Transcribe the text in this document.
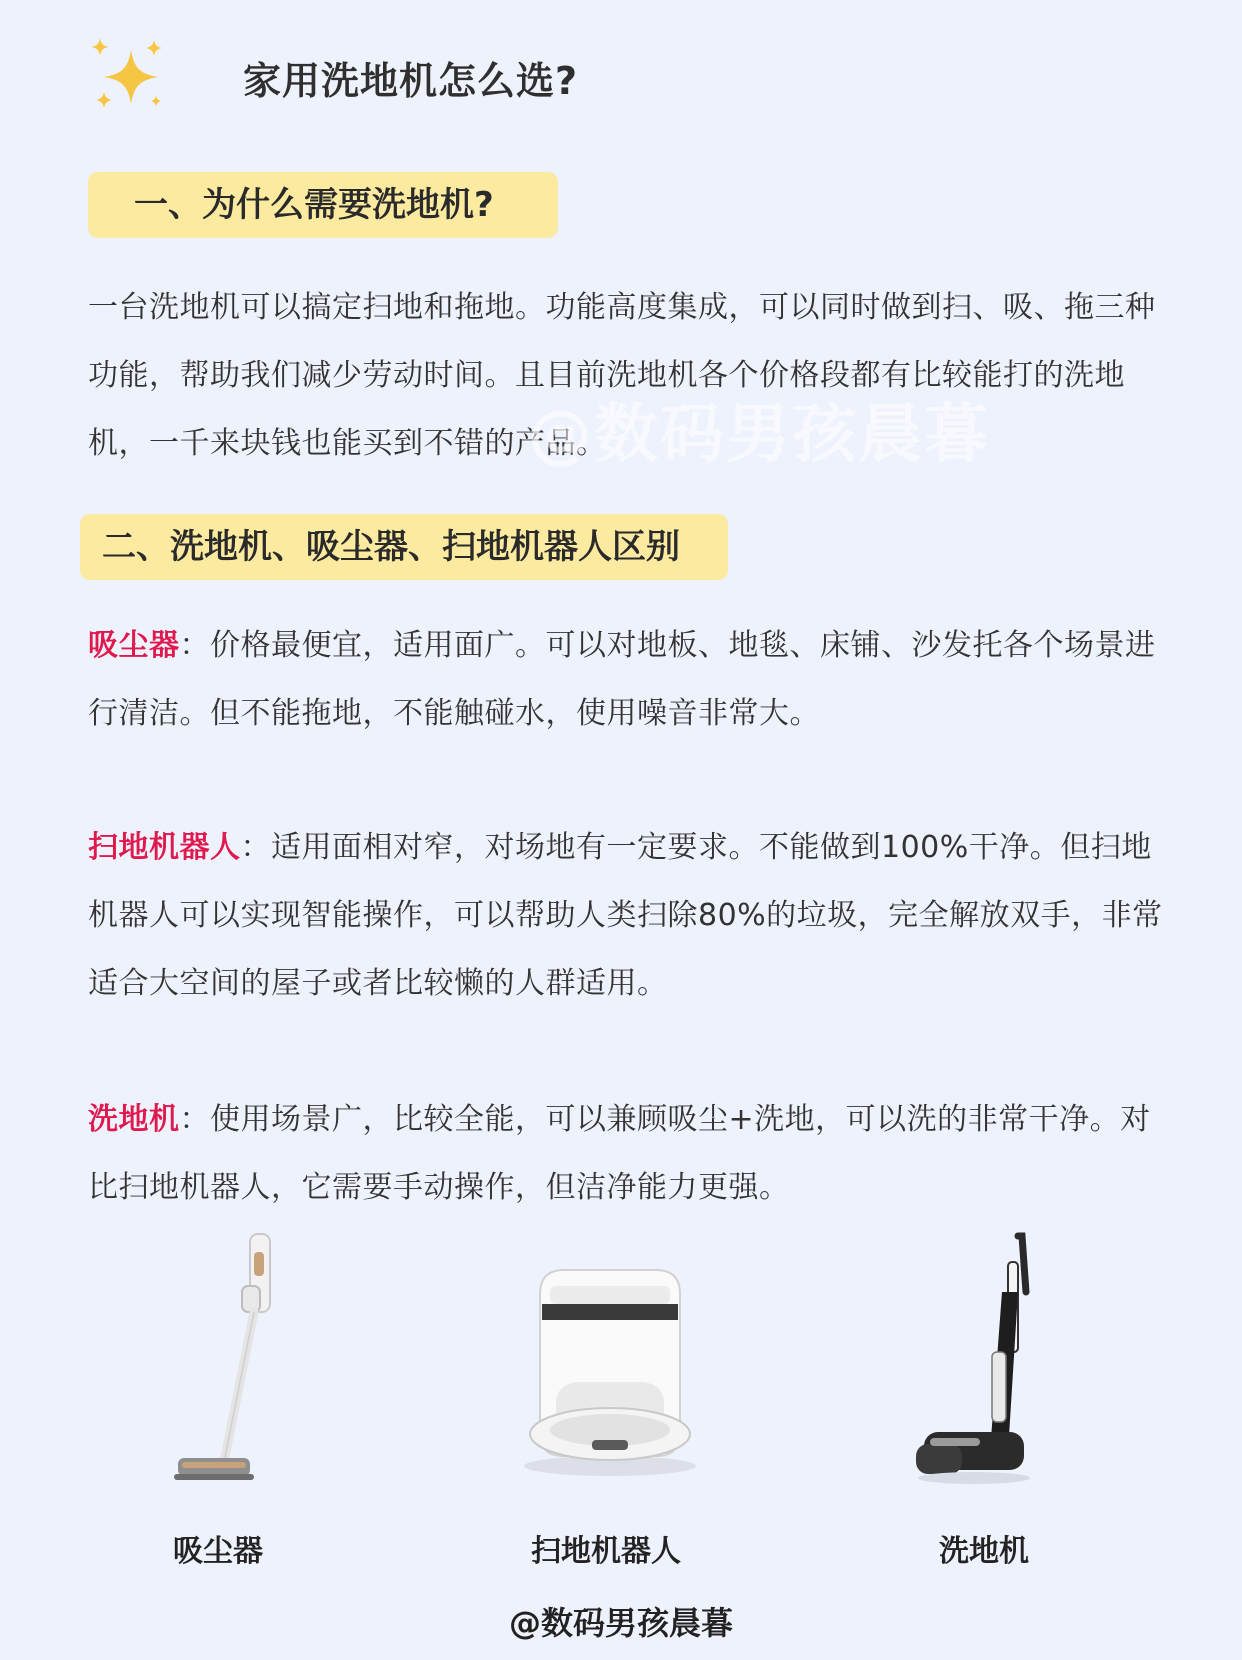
家用洗地机怎么选?
一、为什么需要洗地机?
一台洗地机可以搞定扫地和拖地。功能高度集成，可以同时做到扫、吸、拖三种功能，帮助我们减少劳动时间。且目前洗地机各个价格段都有比较能打的洗地机，一千来块钱也能买到不错的产品。
@数码男孩晨暮
二、洗地机、吸尘器、扫地机器人区别
吸尘器：价格最便宜，适用面广。可以对地板、地毯、床铺、沙发托各个场景进行清洁。但不能拖地，不能触碰水，使用噪音非常大。
扫地机器人：适用面相对窄，对场地有一定要求。不能做到100%干净。但扫地机器人可以实现智能操作，可以帮助人类扫除80%的垃圾，完全解放双手，非常适合大空间的屋子或者比较懒的人群适用。
洗地机：使用场景广，比较全能，可以兼顾吸尘+洗地，可以洗的非常干净。对比扫地机器人，它需要手动操作，但洁净能力更强。
吸尘器	扫地机器人	洗地机
@数码男孩晨暮
